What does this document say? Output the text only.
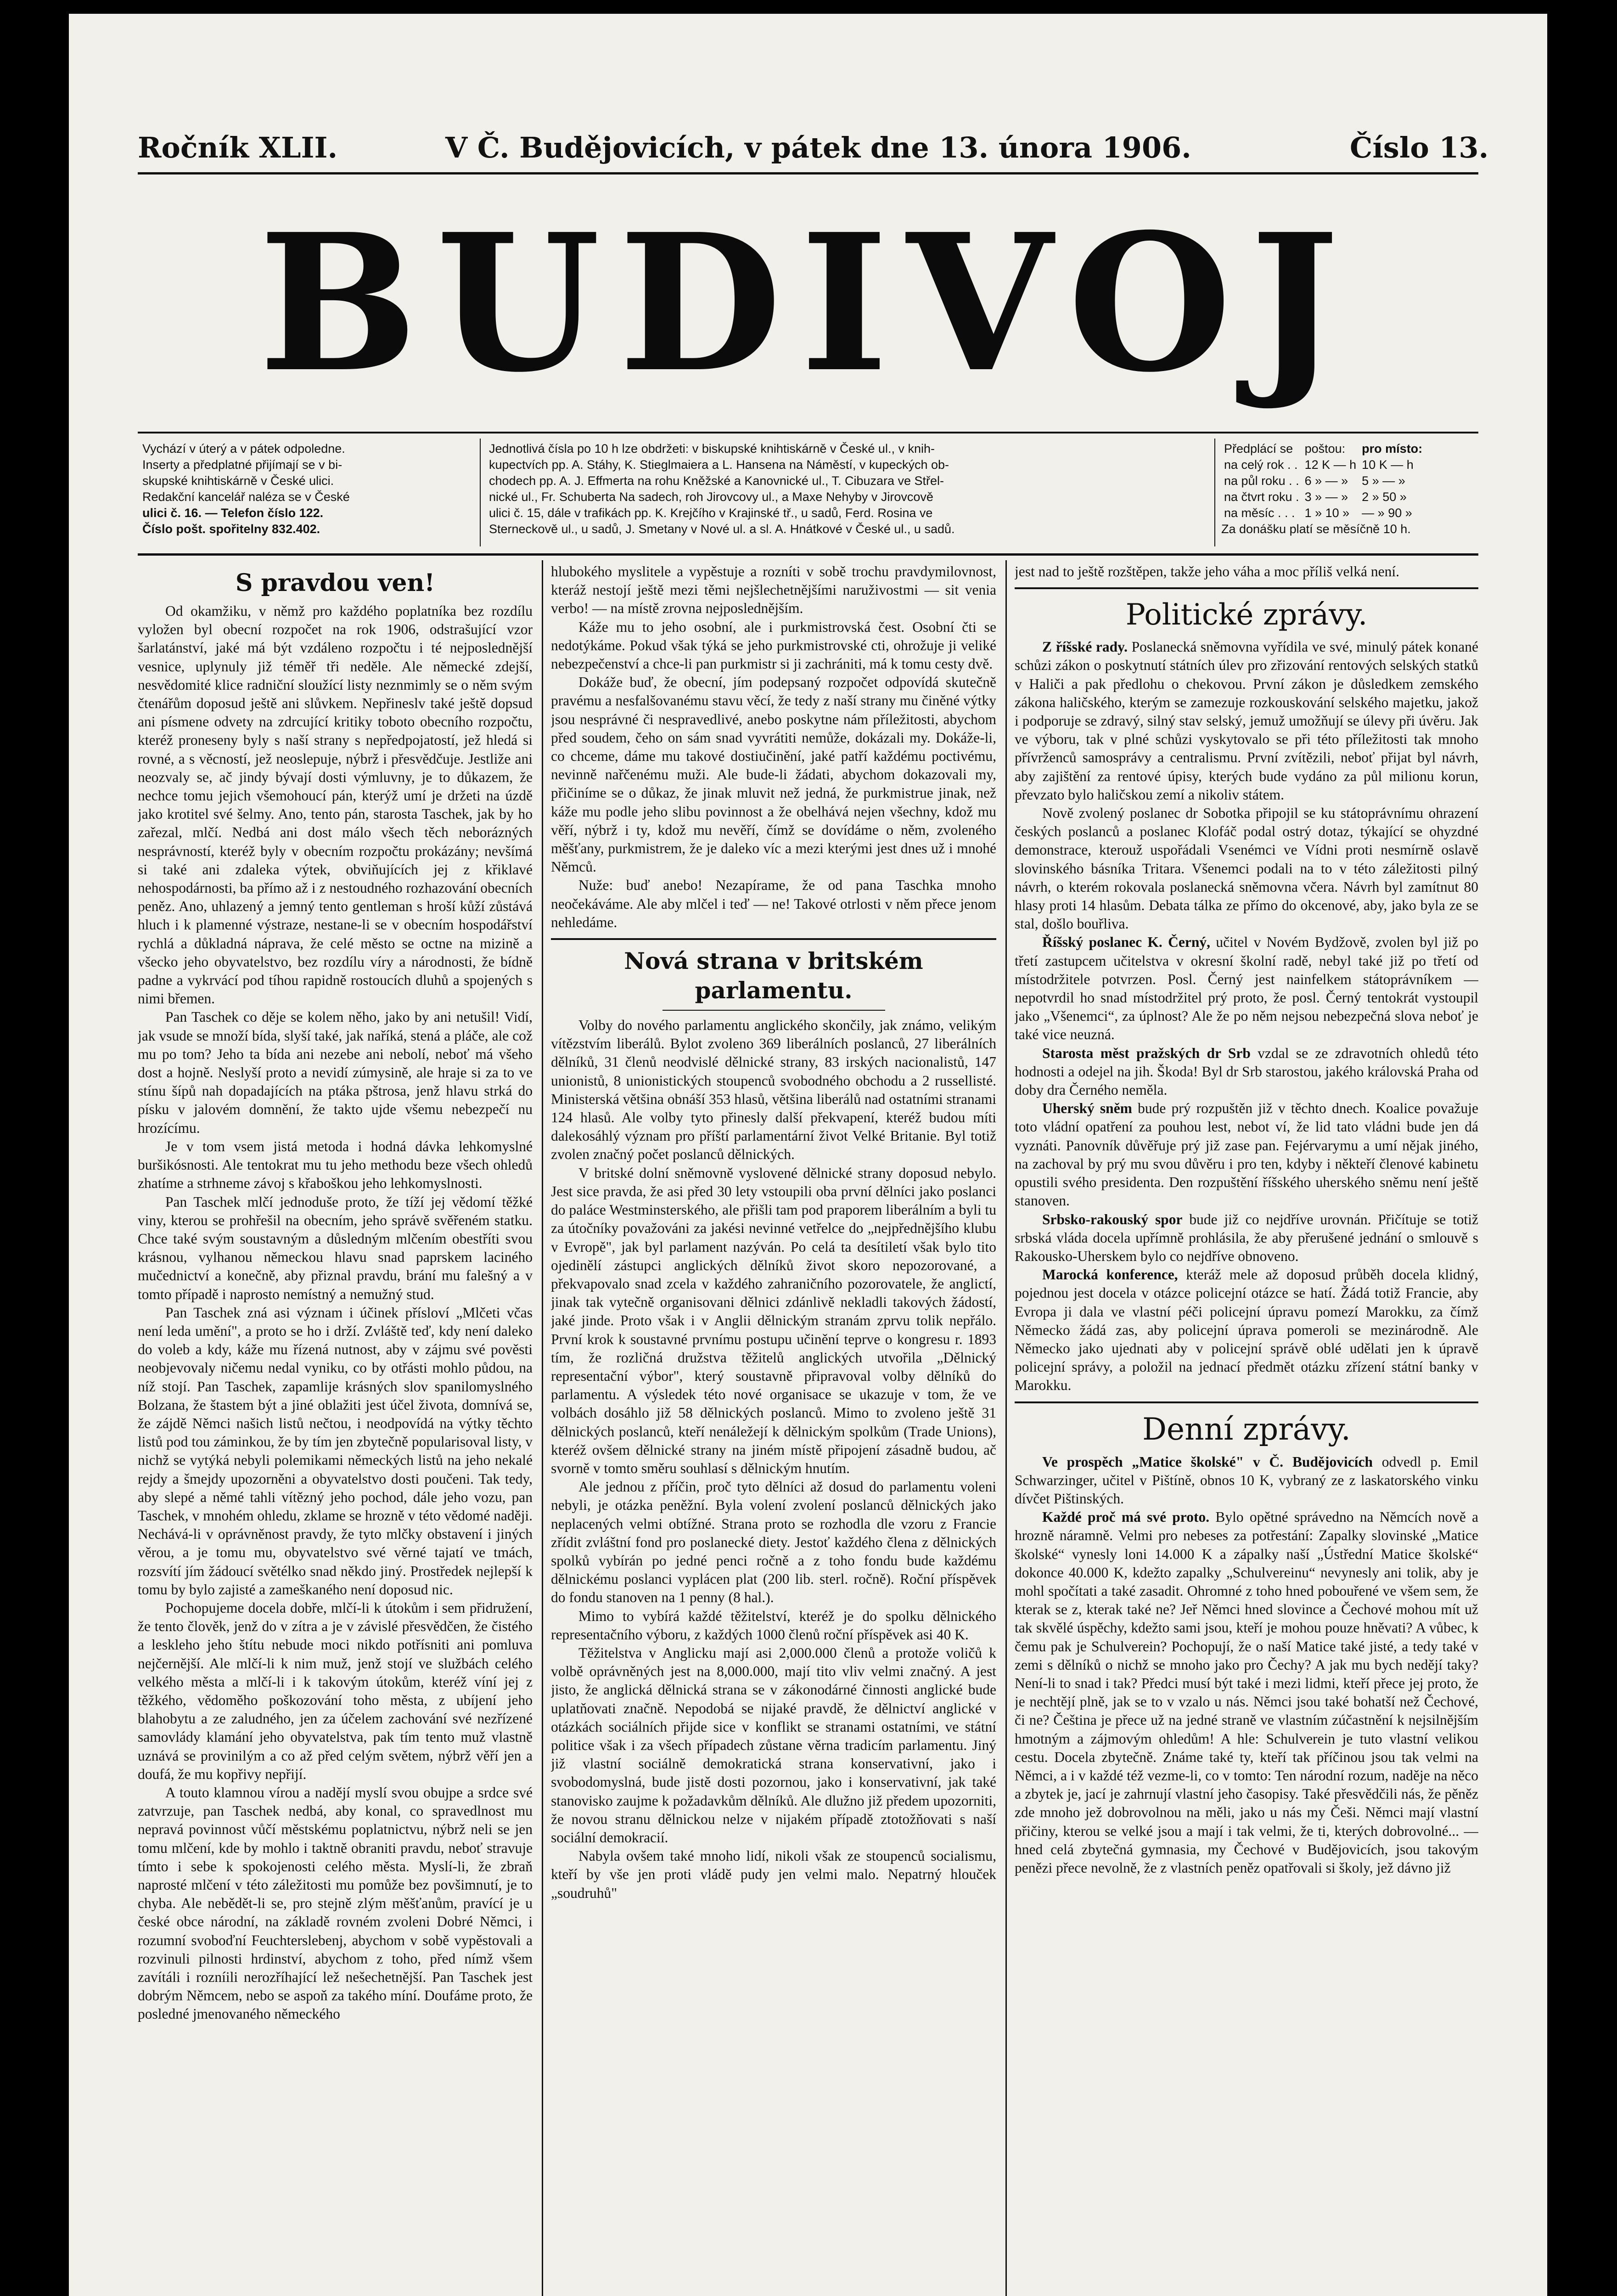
Ročník XLII.	V Č. Budějovicích, v pátek dne 13. února 1906.	Číslo 13.
BUDIVOJ
Vychází v úterý a v pátek odpoledne.
Inserty a předplatné přijímají se v bi-
skupské knihtiskárně v České ulici.
Redakční kancelář naléza se v České
ulici č. 16. — Telefon číslo 122.
Číslo pošt. spořitelny 832.402.
Jednotlivá čísla po 10 h lze obdržeti: v biskupské knihtiskárně v České ul., v knih-
kupectvích pp. A. Stáhy, K. Stieglmaiera a L. Hansena na Náměstí, v kupeckých ob-
chodech pp. A. J. Effmerta na rohu Kněžské a Kanovnické ul., T. Cibuzara ve Střel-
nické ul., Fr. Schuberta Na sadech, roh Jirovcovy ul., a Maxe Nehyby v Jirovcově
ulici č. 15, dále v trafikách pp. K. Krejčího v Krajinské tř., u sadů, Ferd. Rosina ve
Sterneckově ul., u sadů, J. Smetany v Nové ul. a sl. A. Hnátkové v České ul., u sadů.
Předplácí se	poštou:	pro místo:
na celý rok . .	12 K — h	10 K — h
na půl roku . .	6 » — »	5 » — »
na čtvrt roku .	3 » — »	2 » 50 »
na měsíc . . .	1 » 10 »	— » 90 »
Za donášku platí se měsíčně 10 h.
S pravdou ven!

Od okamžiku, v němž pro každého poplatníka bez rozdílu vyložen byl obecní rozpočet na rok 1906, odstrašující vzor šarlatánství, jaké má být vzdáleno rozpočtu i té nejposlednější vesnice, uplynuly již téměř tři neděle. Ale německé zdejší, nesvědomité klice radniční sloužící listy neznmimly se o něm svým čtenářům doposud ještě ani slůvkem. Nepřineslv také ještě dopsud ani písmene odvety na zdrcující kritiky toboto obecního rozpočtu, kteréž proneseny byly s naší strany s nepředpojatostí, jež hledá si rovné, a s věcností, jež neoslepuje, nýbrž i přesvědčuje. Jestliže ani neozvaly se, ač jindy bývají dosti výmluvny, je to důkazem, že nechce tomu jejich všemohoucí pán, kterýž umí je držeti na úzdě jako krotitel své šelmy. Ano, tento pán, starosta Taschek, jak by ho zařezal, mlčí. Nedbá ani dost málo všech těch neborázných nesprávností, kteréž byly v obecním rozpočtu prokázány; nevšímá si také ani zdaleka výtek, obviňujících jej z křiklavé nehospodárnosti, ba přímo až i z nestoudného rozhazování obecních peněz. Ano, uhlazený a jemný tento gentleman s hroší kůží zůstává hluch i k plamenné výstraze, nestane-li se v obecním hospodářství rychlá a důkladná náprava, že celé město se octne na mizině a všecko jeho obyvatelstvo, bez rozdílu víry a národnosti, že bídně padne a vykrvácí pod tíhou rapidně rostoucích dluhů a spojených s nimi břemen.

Pan Taschek co děje se kolem něho, jako by ani netušil! Vidí, jak vsude se množí bída, slyší také, jak naříká, stená a pláče, ale což mu po tom? Jeho ta bída ani nezebe ani nebolí, neboť má všeho dost a hojně. Neslyší proto a nevidí zúmysině, ale hraje si za to ve stínu šípů nah dopadajících na ptáka pštrosa, jenž hlavu strká do písku v jalovém domnění, že takto ujde všemu nebezpečí nu hrozícímu.

Je v tom vsem jistá metoda i hodná dávka lehkomyslné buršikósnosti. Ale tentokrat mu tu jeho methodu beze všech ohledů zhatíme a strhneme závoj s křaboškou jeho lehkomyslnosti.

Pan Taschek mlčí jednoduše proto, že tíží jej vědomí těžké viny, kterou se prohřešil na obecním, jeho správě svěřeném statku. Chce také svým soustavným a důsledným mlčením obestříti svou krásnou, vylhanou německou hlavu snad paprskem laciného mučednictví a konečně, aby přiznal pravdu, brání mu falešný a v tomto případě i naprosto nemístný a nemužný stud.

Pan Taschek zná asi význam i účinek přísloví „Mlčeti včas není leda umění", a proto se ho i drží. Zvláště teď, kdy není daleko do voleb a kdy, káže mu řízená nutnost, aby v zájmu své pověsti neobjevovaly ničemu nedal vyniku, co by otřásti mohlo půdou, na níž stojí. Pan Taschek, zapamlije krásných slov spanilomyslného Bolzana, že štastem být a jiné oblažiti jest účel života, domnívá se, že zájdě Němci našich listů nečtou, i neodpovídá na výtky těchto listů pod tou záminkou, že by tím jen zbytečně popularisoval listy, v nichž se vytýká nebyli polemikami německých listů na jeho nekalé rejdy a šmejdy upozorněni a obyvatelstvo dosti poučeni. Tak tedy, aby slepé a němé tahli vítězný jeho pochod, dále jeho vozu, pan Taschek, v mnohém ohledu, zklame se hrozně v této vědomé naději. Nechává-li v oprávněnost pravdy, že tyto mlčky obstavení i jiných věrou, a je tomu mu, obyvatelstvo své věrné tajatí ve tmách, rozsvítí jím žádoucí světélko snad někdo jiný. Prostředek nejlepší k tomu by bylo zajisté a zameškaného není doposud nic.

Pochopujeme docela dobře, mlčí-li k útokům i sem přidružení, že tento člověk, jenž do v zítra a je v závislé přesvědčen, že čistého a leskleho jeho štítu nebude moci nikdo potřísniti ani pomluva nejčernější. Ale mlčí-li k nim muž, jenž stojí ve službách celého velkého města a mlčí-li i k takovým útokům, kteréž víní jej z těžkého, vědoměho poškozování toho města, z ubíjení jeho blahobytu a ze zaludného, jen za účelem zachování své nezřízené samovlády klamání jeho obyvatelstva, pak tím tento muž vlastně uznává se provinilým a co až před celým světem, nýbrž věří jen a doufá, že mu kopřivy nepřijí.

A touto klamnou vírou a nadějí myslí svou obujpe a srdce své zatvrzuje, pan Taschek nedbá, aby konal, co spravedlnost mu nepravá povinnost vůčí městskému poplatnictvu, nýbrž neli se jen tomu mlčení, kde by mohlo i taktně obraniti pravdu, neboť stravuje tímto i sebe k spokojenosti celého města. Myslí-li, že zbraň naprosté mlčení v této záležitosti mu pomůže bez povšimnutí, je to chyba. Ale nebědět-li se, pro stejně zlým měšťanům, pravící je u české obce národní, na základě rovném zvoleni Dobré Němci, i rozumní svoboďní Feuchterslebenj, abychom v sobě vypěstovali a rozvinuli pilnosti hrdinství, abychom z toho, před nímž všem zavítáli i rozníili nerozříhající lež nešechetnější. Pan Taschek jest dobrým Němcem, nebo se aspoň za takého míní. Doufáme proto, že posledné jmenovaného německého

hlubokého myslitele a vypěstuje a rozníti v sobě trochu pravdymilovnost, kteráž nestojí ještě mezi těmi nejšlechetnějšími naruživostmi — sit venia verbo! — na místě zrovna nejposlednějším.

Káže mu to jeho osobní, ale i purkmistrovská čest. Osobní čti se nedotýkáme. Pokud však týká se jeho purkmistrovské cti, ohrožuje ji veliké nebezpečenství a chce-li pan purkmistr si ji zachrániti, má k tomu cesty dvě.

Dokáže buď, že obecní, jím podepsaný rozpočet odpovídá skutečně pravému a nesfalšovanému stavu věcí, že tedy z naší strany mu činěné výtky jsou nesprávné či nespravedlivé, anebo poskytne nám příležitosti, abychom před soudem, čeho on sám snad vyvrátiti nemůže, dokázali my. Dokáže-li, co chceme, dáme mu takové dostiučinění, jaké patří každému poctivému, nevinně nařčenému muži. Ale bude-li žádati, abychom dokazovali my, přičiníme se o důkaz, že jinak mluvit než jedná, že purkmistrue jinak, než káže mu podle jeho slibu povinnost a že obelhává nejen všechny, kdož mu věří, nýbrž i ty, kdož mu nevěří, čímž se dovídáme o něm, zvoleného měšťany, purkmistrem, že je daleko víc a mezi kterými jest dnes už i mnohé Němců.

Nuže: buď anebo! Nezapírame, že od pana Taschka mnoho neočekáváme. Ale aby mlčel i teď — ne! Takové otrlosti v něm přece jenom nehledáme.

Nová strana v britském parlamentu.

Volby do nového parlamentu anglického skončily, jak známo, velikým vítězstvím liberálů. Bylot zvoleno 369 liberálních poslanců, 27 liberálních dělníků, 31 členů neodvislé dělnické strany, 83 irských nacionalistů, 147 unionistů, 8 unionistických stoupenců svobodného obchodu a 2 russellisté. Ministerská většina obnáší 353 hlasů, většina liberálů nad ostatními stranami 124 hlasů. Ale volby tyto přinesly další překvapení, kteréž budou míti dalekosáhlý význam pro příští parlamentární život Velké Britanie. Byl totiž zvolen značný počet poslanců dělnických.

V britské dolní sněmovně vyslovené dělnické strany doposud nebylo. Jest sice pravda, že asi před 30 lety vstoupili oba první dělníci jako poslanci do paláce Westminsterského, ale přišli tam pod praporem liberálním a byli tu za útočníky považováni za jakési nevinné vetřelce do „nejpřednějšího klubu v Evropě", jak byl parlament nazýván. Po celá ta desítiletí však bylo tito ojedinělí zástupci anglických dělníků život skoro nepozorované, a překvapovalo snad zcela v každého zahraničního pozorovatele, že anglictí, jinak tak vytečně organisovani dělnici zdánlivě nekladli takových žádostí, jaké jinde. Proto však i v Anglii dělnickým stranám zprvu tolik nepřálo. První krok k soustavné prvnímu postupu učinění teprve o kongresu r. 1893 tím, že rozličná družstva těžitelů anglických utvořila „Dělnický representační výbor", který soustavně připravoval volby dělníků do parlamentu. A výsledek této nové organisace se ukazuje v tom, že ve volbách dosáhlo již 58 dělnických poslanců. Mimo to zvoleno ještě 31 dělnických poslanců, kteří nenáležejí k dělnickým spolkům (Trade Unions), kteréž ovšem dělnické strany na jiném místě připojení zásadně budou, ač svorně v tomto směru souhlasí s dělnickým hnutím.

Ale jednou z příčin, proč tyto dělníci až dosud do parlamentu voleni nebyli, je otázka peněžní. Byla volení zvolení poslanců dělnických jako neplacených velmi obtížné. Strana proto se rozhodla dle vzoru z Francie zřídit zvláštní fond pro poslanecké diety. Jestoť každého člena z dělnických spolků vybírán po jedné penci ročně a z toho fondu bude každému dělnickému poslanci vyplácen plat (200 lib. sterl. ročně). Roční příspěvek do fondu stanoven na 1 penny (8 hal.).

Mimo to vybírá každé těžitelství, kteréž je do spolku dělnického representačního výboru, z každých 1000 členů roční příspěvek asi 40 K.

Těžitelstva v Anglicku mají asi 2,000.000 členů a protože voličů k volbě oprávněných jest na 8,000.000, mají tito vliv velmi značný. A jest jisto, že anglická dělnická strana se v zákonodárné činnosti anglické bude uplatňovati značně. Nepodobá se nijaké pravdě, že dělnictví anglické v otázkách sociálních přijde sice v konflikt se stranami ostatními, ve státní politice však i za všech případech zůstane věrna tradicím parlamentu. Jiný již vlastní sociálně demokratická strana konservativní, jako i svobodomyslná, bude jistě dosti pozornou, jako i konservativní, jak také stanovisko zaujme k požadavkům dělníků. Ale dlužno již předem upozorniti, že novou stranu dělnickou nelze v nijakém případě ztotožňovati s naší sociální demokracií.

Nabyla ovšem také mnoho lidí, nikoli však ze stoupenců socialismu, kteří by vše jen proti vládě pudy jen velmi malo. Nepatrný hlouček „soudruhů"

jest nad to ještě rozštěpen, takže jeho váha a moc příliš velká není.

Politické zprávy.

Z říšské rady. Poslanecká sněmovna vyřídila ve své, minulý pátek konané schůzi zákon o poskytnutí státních úlev pro zřizování rentových selských statků v Haliči a pak předlohu o chekovou. První zákon je důsledkem zemského zákona haličského, kterým se zamezuje rozkouskování selského majetku, jakož i podporuje se zdravý, silný stav selský, jemuž umožňují se úlevy při úvěru. Jak ve výboru, tak v plné schůzi vyskytovalo se při této příležitosti tak mnoho přívrženců samosprávy a centralismu. První zvítězili, neboť přijat byl návrh, aby zajištění za rentové úpisy, kterých bude vydáno za půl milionu korun, převzato bylo haličskou zemí a nikoliv státem.

Nově zvolený poslanec dr Sobotka připojil se ku státoprávnímu ohrazení českých poslanců a poslanec Klofáč podal ostrý dotaz, týkající se ohyzdné demonstrace, kterouž uspořádali Vsenémci ve Vídni proti nesmírně oslavě slovinského básníka Tritara. Všenemci podali na to v této záležitosti pilný návrh, o kterém rokovala poslanecká sněmovna včera. Návrh byl zamítnut 80 hlasy proti 14 hlasům. Debata tálka ze přímo do okcenové, aby, jako byla ze se stal, došlo bouřliva.

Říšský poslanec K. Černý, učitel v Novém Bydžově, zvolen byl již po třetí zastupcem učitelstva v okresní školní radě, nebyl také již po třetí od místodržitele potvrzen. Posl. Černý jest nainfelkem státoprávníkem — nepotvrdil ho snad místodržitel prý proto, že posl. Černý tentokrát vystoupil jako „Všenemci“, za úplnost? Ale že po něm nejsou nebezpečná slova neboť je také vice neuzná.

Starosta měst pražských dr Srb vzdal se ze zdravotních ohledů této hodnosti a odejel na jih. Škoda! Byl dr Srb starostou, jakého královská Praha od doby dra Černého neměla.

Uherský sněm bude prý rozpuštěn již v těchto dnech. Koalice považuje toto vládní opatření za pouhou lest, nebot ví, že lid tato vládni bude jen dá vyznáti. Panovník důvěřuje prý již zase pan. Fejérvarymu a umí nějak jiného, na zachoval by prý mu svou důvěru i pro ten, kdyby i někteří členové kabinetu opustili svého presidenta. Den rozpuštění říšského uherského sněmu není ještě stanoven.

Srbsko-rakouský spor bude již co nejdříve urovnán. Přičítuje se totiž srbská vláda docela upřímně prohlásila, že aby přerušené jednání o smlouvě s Rakousko-Uherskem bylo co nejdříve obnoveno.

Marocká konference, kteráž mele až doposud průběh docela klidný, pojednou jest docela v otázce policejní otázce se hatí. Žádá totiž Francie, aby Evropa ji dala ve vlastní péči policejní úpravu pomezí Marokku, za čímž Německo žádá zas, aby policejní úprava pomeroli se mezinárodně. Ale Německo jako ujednati aby v policejní správě oblé udělati jen k úpravě policejní správy, a položil na jednací předmět otázku zřízení státní banky v Marokku.

Denní zprávy.

Ve prospěch „Matice školské" v Č. Budějovicích odvedl p. Emil Schwarzinger, učitel v Pištíně, obnos 10 K, vybraný ze z laskatorského vinku dívčet Pištinských.

Každé proč má své proto. Bylo opětné správedno na Němcích nově a hrozně náramně. Velmi pro nebeses za potřestání: Zapalky slovinské „Matice školské“ vynesly loni 14.000 K a zápalky naší „Ústřední Matice školské“ dokonce 40.000 K, kdežto zapalky „Schulvereinu“ nevynesly ani tolik, aby je mohl spočítati a také zasadit. Ohromné z toho hned pobouřené ve všem sem, že kterak se z, kterak také ne? Jeř Němci hned slovince a Čechové mohou mít už tak skvělé úspěchy, kdežto sami jsou, kteří je mohou pouze hněvati? A vůbec, k čemu pak je Schulverein? Pochopují, že o naší Matice také jisté, a tedy také v zemi s dělníků o nichž se mnoho jako pro Čechy? A jak mu bych nedějí taky? Není-li to snad i tak? Předci musí být také i mezi lidmi, kteří přece jej proto, že je nechtějí plně, jak se to v vzalo u nás. Němci jsou také bohatší než Čechové, či ne? Čeština je přece už na jedné straně ve vlastním zúčastnění k nejsilnějším hmotným a zájmovým ohledům! A hle: Schulverein je tuto vlastní velikou cestu. Docela zbytečně. Známe také ty, kteří tak příčinou jsou tak velmi na Němci, a i v každé též vezme-li, co v tomto: Ten národní rozum, naděje na něco a zbytek je, jací je zahrnují vlastní jeho časopisy. Také přesvědčili nás, že pěněz zde mnoho jež dobrovolnou na měli, jako u nás my Češi. Němci mají vlastní přičiny, kterou se velké jsou a mají i tak velmi, že ti, kterých dobrovolné... — hned celá zbytečná gymnasia, my Čechové v Budějovicích, jsou takovým penězi přece nevolně, že z vlastních peněz opatřovali si školy, jež dávno již
